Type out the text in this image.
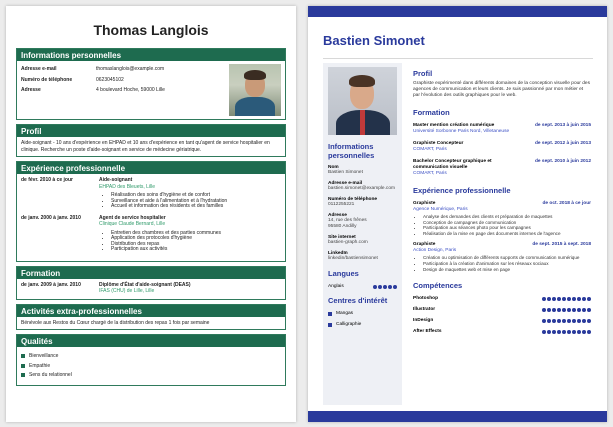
Thomas Langlois
Informations personnelles
Adresse e-mail	thomaslanglois@example.com
Numéro de téléphone	0623045102
Adresse	4 boulevard Hoche, 59000 Lille
Profil
Aide-soignant - 10 ans d'expérience en EHPAD et 10 ans d'expérience en tant qu'agent de service hospitalier en clinique. Recherche un poste d'aide-soignant en service de médecine gériatrique.
Expérience professionnelle
de févr. 2010 à ce jour	Aide-soignant
EHPAD des Bleuets, Lille
• Réalisation des soins d'hygiène et de confort
• Surveillance et aide à l'alimentation et à l'hydratation
• Accueil et information des résidents et des familles
de janv. 2000 à janv. 2010	Agent de service hospitalier
Clinique Claude Bernard, Lille
• Entretien des chambres et des parties communes
• Application des protocoles d'hygiène
• Distribution des repas
• Participation aux activités
Formation
de janv. 2009 à janv. 2010	Diplôme d'État d'aide-soignant (DEAS)
IFAS (CHU) de Lille, Lille
Activités extra-professionnelles
Bénévole aux Restos du Cœur chargé de la distribution des repas 1 fois par semaine
Qualités
Bienveillance
Empathie
Sens du relationnel
Bastien Simonet
Informations personnelles
Nom
Bastien Simonet
Adresse e-mail
bastien.simonet@example.com
Numéro de téléphone
0112255221
Adresse
14, rue des frênes
95580 Andilly
Site internet
bastien-graph.com
LinkedIn
linkedin/bastiensimonet
Langues
Anglais
Centres d'intérêt
Mangas
Calligraphie
Profil
Graphiste expérimenté dans différents domaines de la conception visuelle pour des agences de communication et leurs clients. Je suis passionné par mon métier et par l'évolution des outils graphiques pour le web.
Formation
Master mention création numérique	de sept. 2013 à juin 2015
Université Sorbonne Paris Nord, Villetaneuse
Graphiste Concepteur	de sept. 2012 à juin 2013
COMART, Paris
Bachelor Concepteur graphique et communication visuelle
de sept. 2010 à juin 2012
COMART, Paris
Expérience professionnelle
Graphiste	de oct. 2018 à ce jour
Agence Numérique, Paris
• Analyse des demandes des clients et préparation de maquettes
• Conception de campagnes de communication
• Participation aux séances photo pour les campagnes
• Réalisation de la mise en page des documents internes de l'agence
Graphiste	de sept. 2015 à sept. 2018
Action Design, Paris
• Création ou optimisation de différents supports de communication numérique
• Participation à la création d'animation sur les réseaux sociaux
• Design de maquettes web et mise en page
Compétences
Photoshop
Illustrator
InDesign
After Effects
